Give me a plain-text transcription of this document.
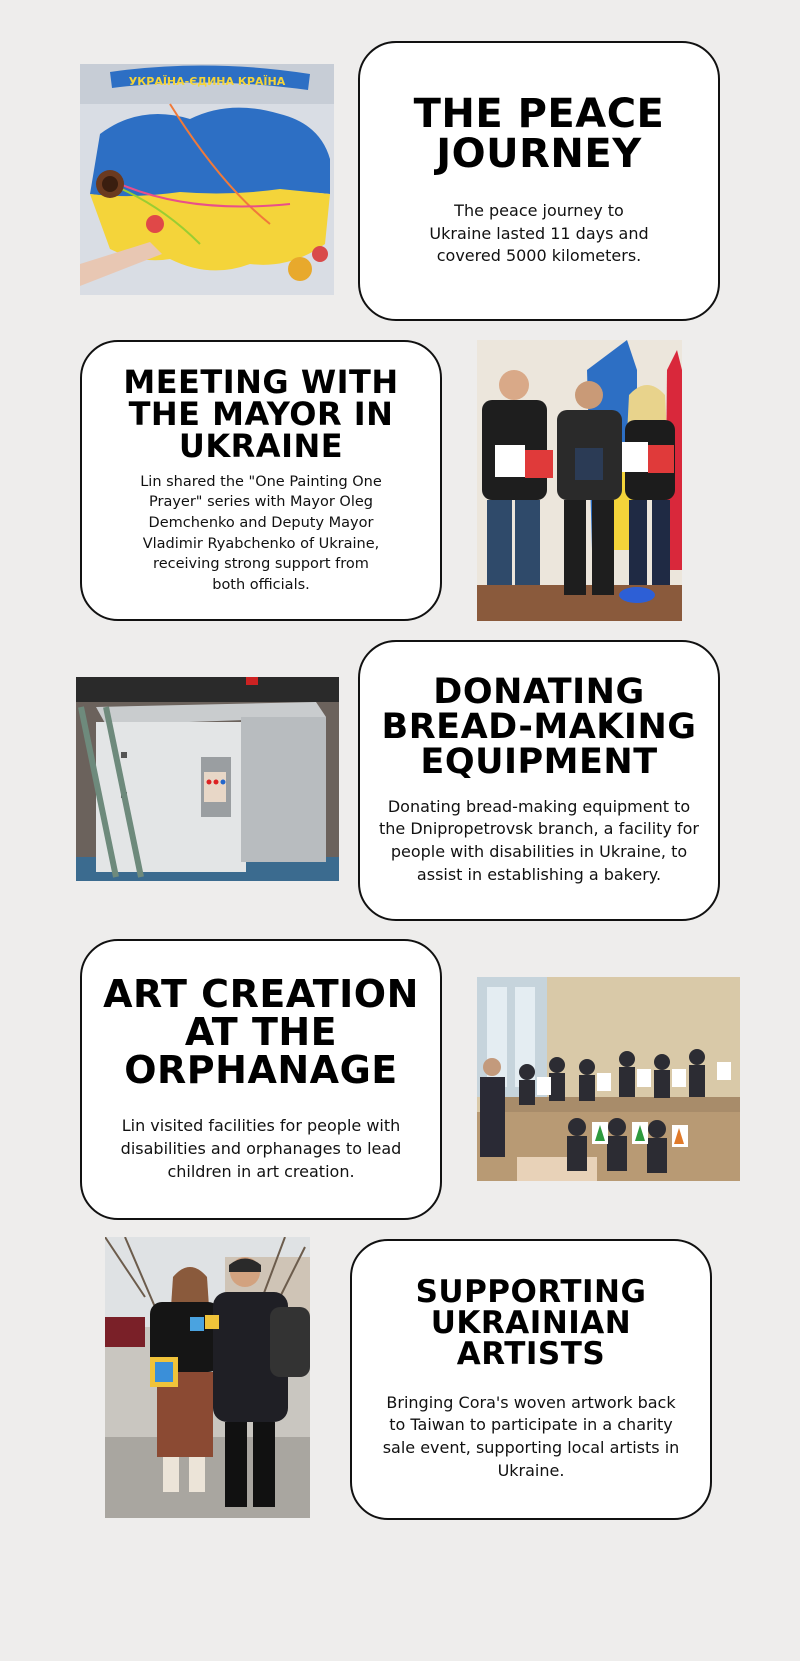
УКРАЇНА-ЄДИНА КРАЇНА
THE PEACE
JOURNEY

The peace journey to Ukraine lasted 11 days and covered 5000 kilometers.

MEETING WITH
THE MAYOR IN
UKRAINE

Lin shared the "One Painting One Prayer" series with Mayor Oleg Demchenko and Deputy Mayor Vladimir Ryabchenko of Ukraine, receiving strong support from both officials.

DONATING
BREAD-MAKING
EQUIPMENT

Donating bread-making equipment to the Dnipropetrovsk branch, a facility for people with disabilities in Ukraine, to assist in establishing a bakery.

ART CREATION
AT THE
ORPHANAGE

Lin visited facilities for people with disabilities and orphanages to lead children in art creation.

SUPPORTING
UKRAINIAN
ARTISTS

Bringing Cora's woven artwork back to Taiwan to participate in a charity sale event, supporting local artists in Ukraine.
